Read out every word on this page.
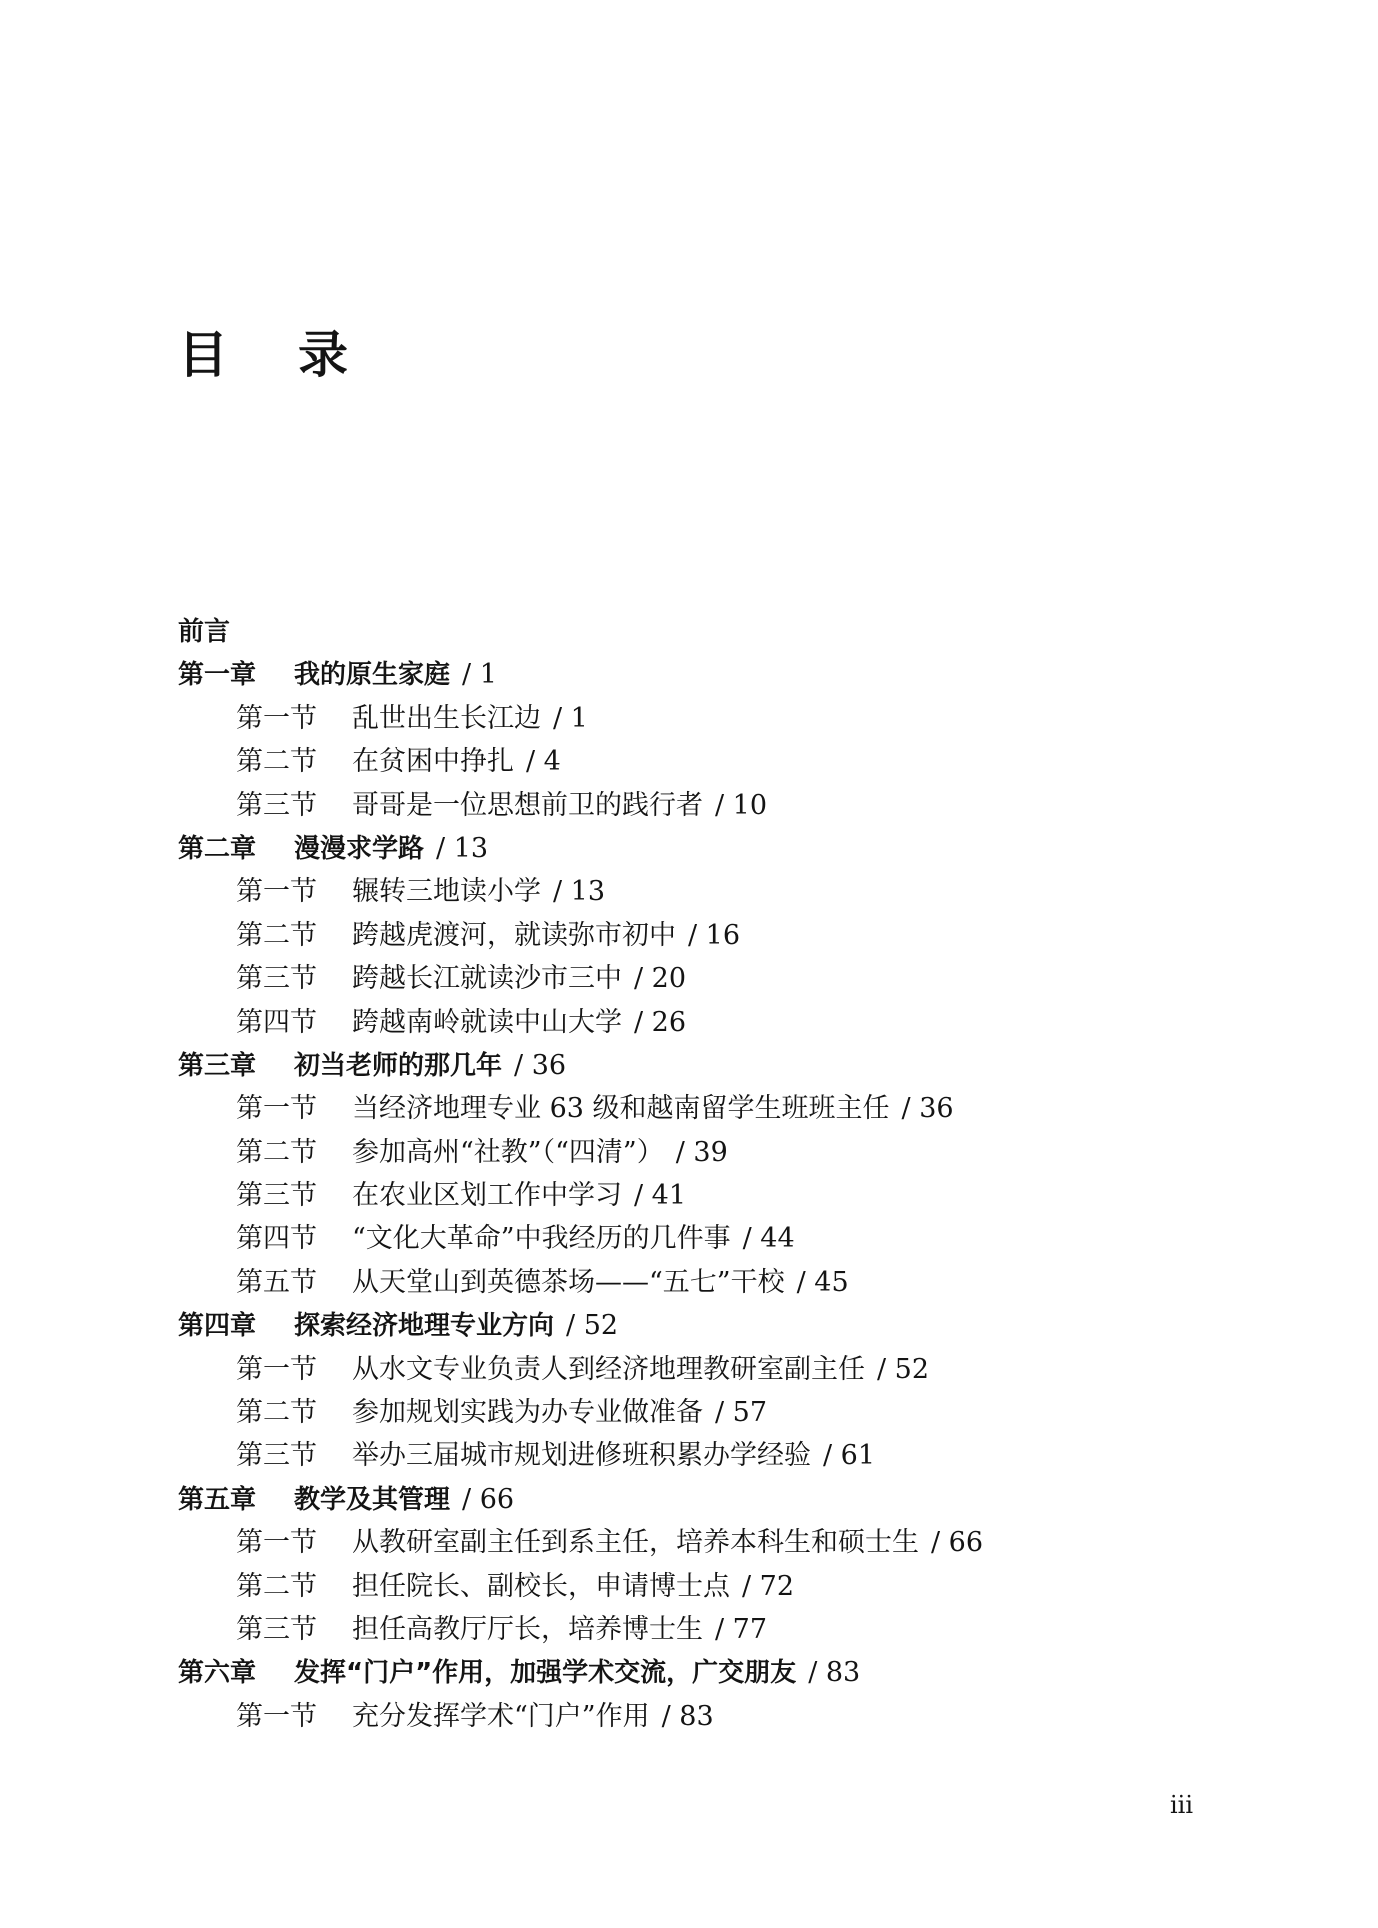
目录
前言
第一章 我的原生家庭 / 1
第一节 乱世出生长江边 / 1
第二节 在贫困中挣扎 / 4
第三节 哥哥是一位思想前卫的践行者 / 10
第二章 漫漫求学路 / 13
第一节 辗转三地读小学 / 13
第二节 跨越虎渡河，就读弥市初中 / 16
第三节 跨越长江就读沙市三中 / 20
第四节 跨越南岭就读中山大学 / 26
第三章 初当老师的那几年 / 36
第一节 当经济地理专业 63 级和越南留学生班班主任 / 36
第二节 参加高州“社教”（“四清”） / 39
第三节 在农业区划工作中学习 / 41
第四节 “文化大革命”中我经历的几件事 / 44
第五节 从天堂山到英德茶场——“五七”干校 / 45
第四章 探索经济地理专业方向 / 52
第一节 从水文专业负责人到经济地理教研室副主任 / 52
第二节 参加规划实践为办专业做准备 / 57
第三节 举办三届城市规划进修班积累办学经验 / 61
第五章 教学及其管理 / 66
第一节 从教研室副主任到系主任，培养本科生和硕士生 / 66
第二节 担任院长、副校长，申请博士点 / 72
第三节 担任高教厅厅长，培养博士生 / 77
第六章 发挥“门户”作用，加强学术交流，广交朋友 / 83
第一节 充分发挥学术“门户”作用 / 83
iii
